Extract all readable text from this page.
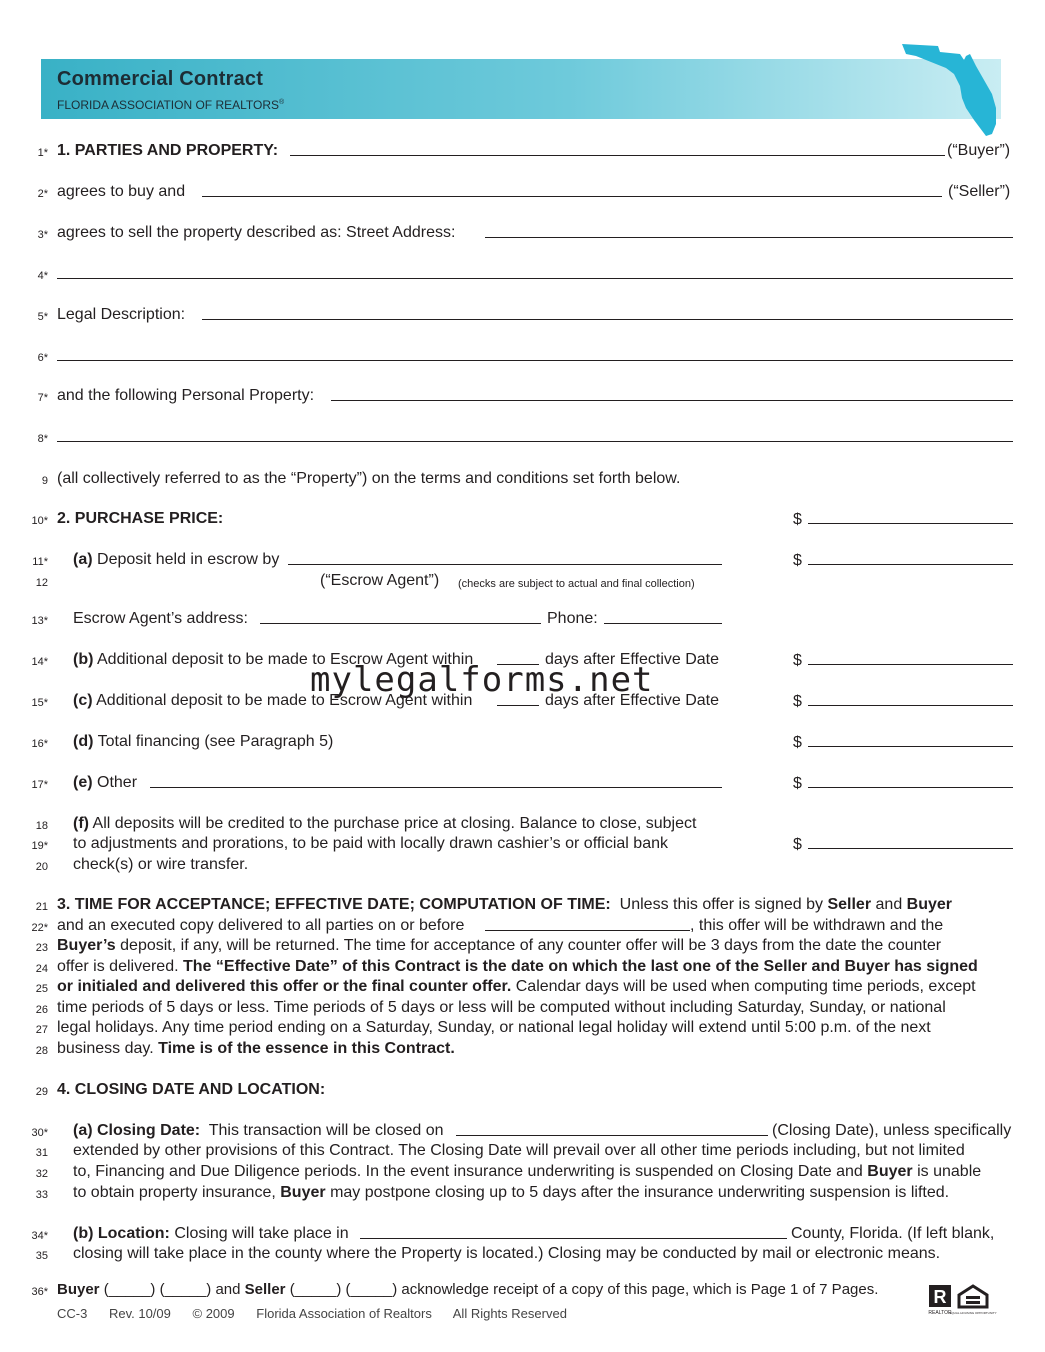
Commercial Contract
FLORIDA ASSOCIATION OF REALTORS®
1* 1. PARTIES AND PROPERTY:	(“Buyer”)
2* agrees to buy and	(“Seller”)
3* agrees to sell the property described as: Street Address:
4*
5* Legal Description:
6*
7* and the following Personal Property:
8*
9 (all collectively referred to as the “Property”) on the terms and conditions set forth below.
10* 2. PURCHASE PRICE:	$
11* (a) Deposit held in escrow by	$
12	(“Escrow Agent”) (checks are subject to actual and final collection)
13* Escrow Agent’s address:	Phone:
14* (b) Additional deposit to be made to Escrow Agent within	days after Effective Date	$
15* (c) Additional deposit to be made to Escrow Agent within	days after Effective Date	$
mylegalforms.net
16* (d) Total financing (see Paragraph 5)	$
17* (e) Other	$
18 (f) All deposits will be credited to the purchase price at closing. Balance to close, subject
19* to adjustments and prorations, to be paid with locally drawn cashier’s or official bank	$
20 check(s) or wire transfer.
21 3. TIME FOR ACCEPTANCE; EFFECTIVE DATE; COMPUTATION OF TIME: Unless this offer is signed by Seller and Buyer
22* and an executed copy delivered to all parties on or before	, this offer will be withdrawn and the
23 Buyer’s deposit, if any, will be returned. The time for acceptance of any counter offer will be 3 days from the date the counter
24 offer is delivered. The “Effective Date” of this Contract is the date on which the last one of the Seller and Buyer has signed
25 or initialed and delivered this offer or the final counter offer. Calendar days will be used when computing time periods, except
26 time periods of 5 days or less. Time periods of 5 days or less will be computed without including Saturday, Sunday, or national
27 legal holidays. Any time period ending on a Saturday, Sunday, or national legal holiday will extend until 5:00 p.m. of the next
28 business day. Time is of the essence in this Contract.
29 4. CLOSING DATE AND LOCATION:
30* (a) Closing Date: This transaction will be closed on	(Closing Date), unless specifically
31 extended by other provisions of this Contract. The Closing Date will prevail over all other time periods including, but not limited
32 to, Financing and Due Diligence periods. In the event insurance underwriting is suspended on Closing Date and Buyer is unable
33 to obtain property insurance, Buyer may postpone closing up to 5 days after the insurance underwriting suspension is lifted.
34* (b) Location: Closing will take place in	County, Florida. (If left blank,
35 closing will take place in the county where the Property is located.) Closing may be conducted by mail or electronic means.
36* Buyer (_____) (_____) and Seller (_____) (_____) acknowledge receipt of a copy of this page, which is Page 1 of 7 Pages.
CC-3 Rev. 10/09 © 2009 Florida Association of Realtors All Rights Reserved
R
REALTOR
EQUAL HOUSING OPPORTUNITY
